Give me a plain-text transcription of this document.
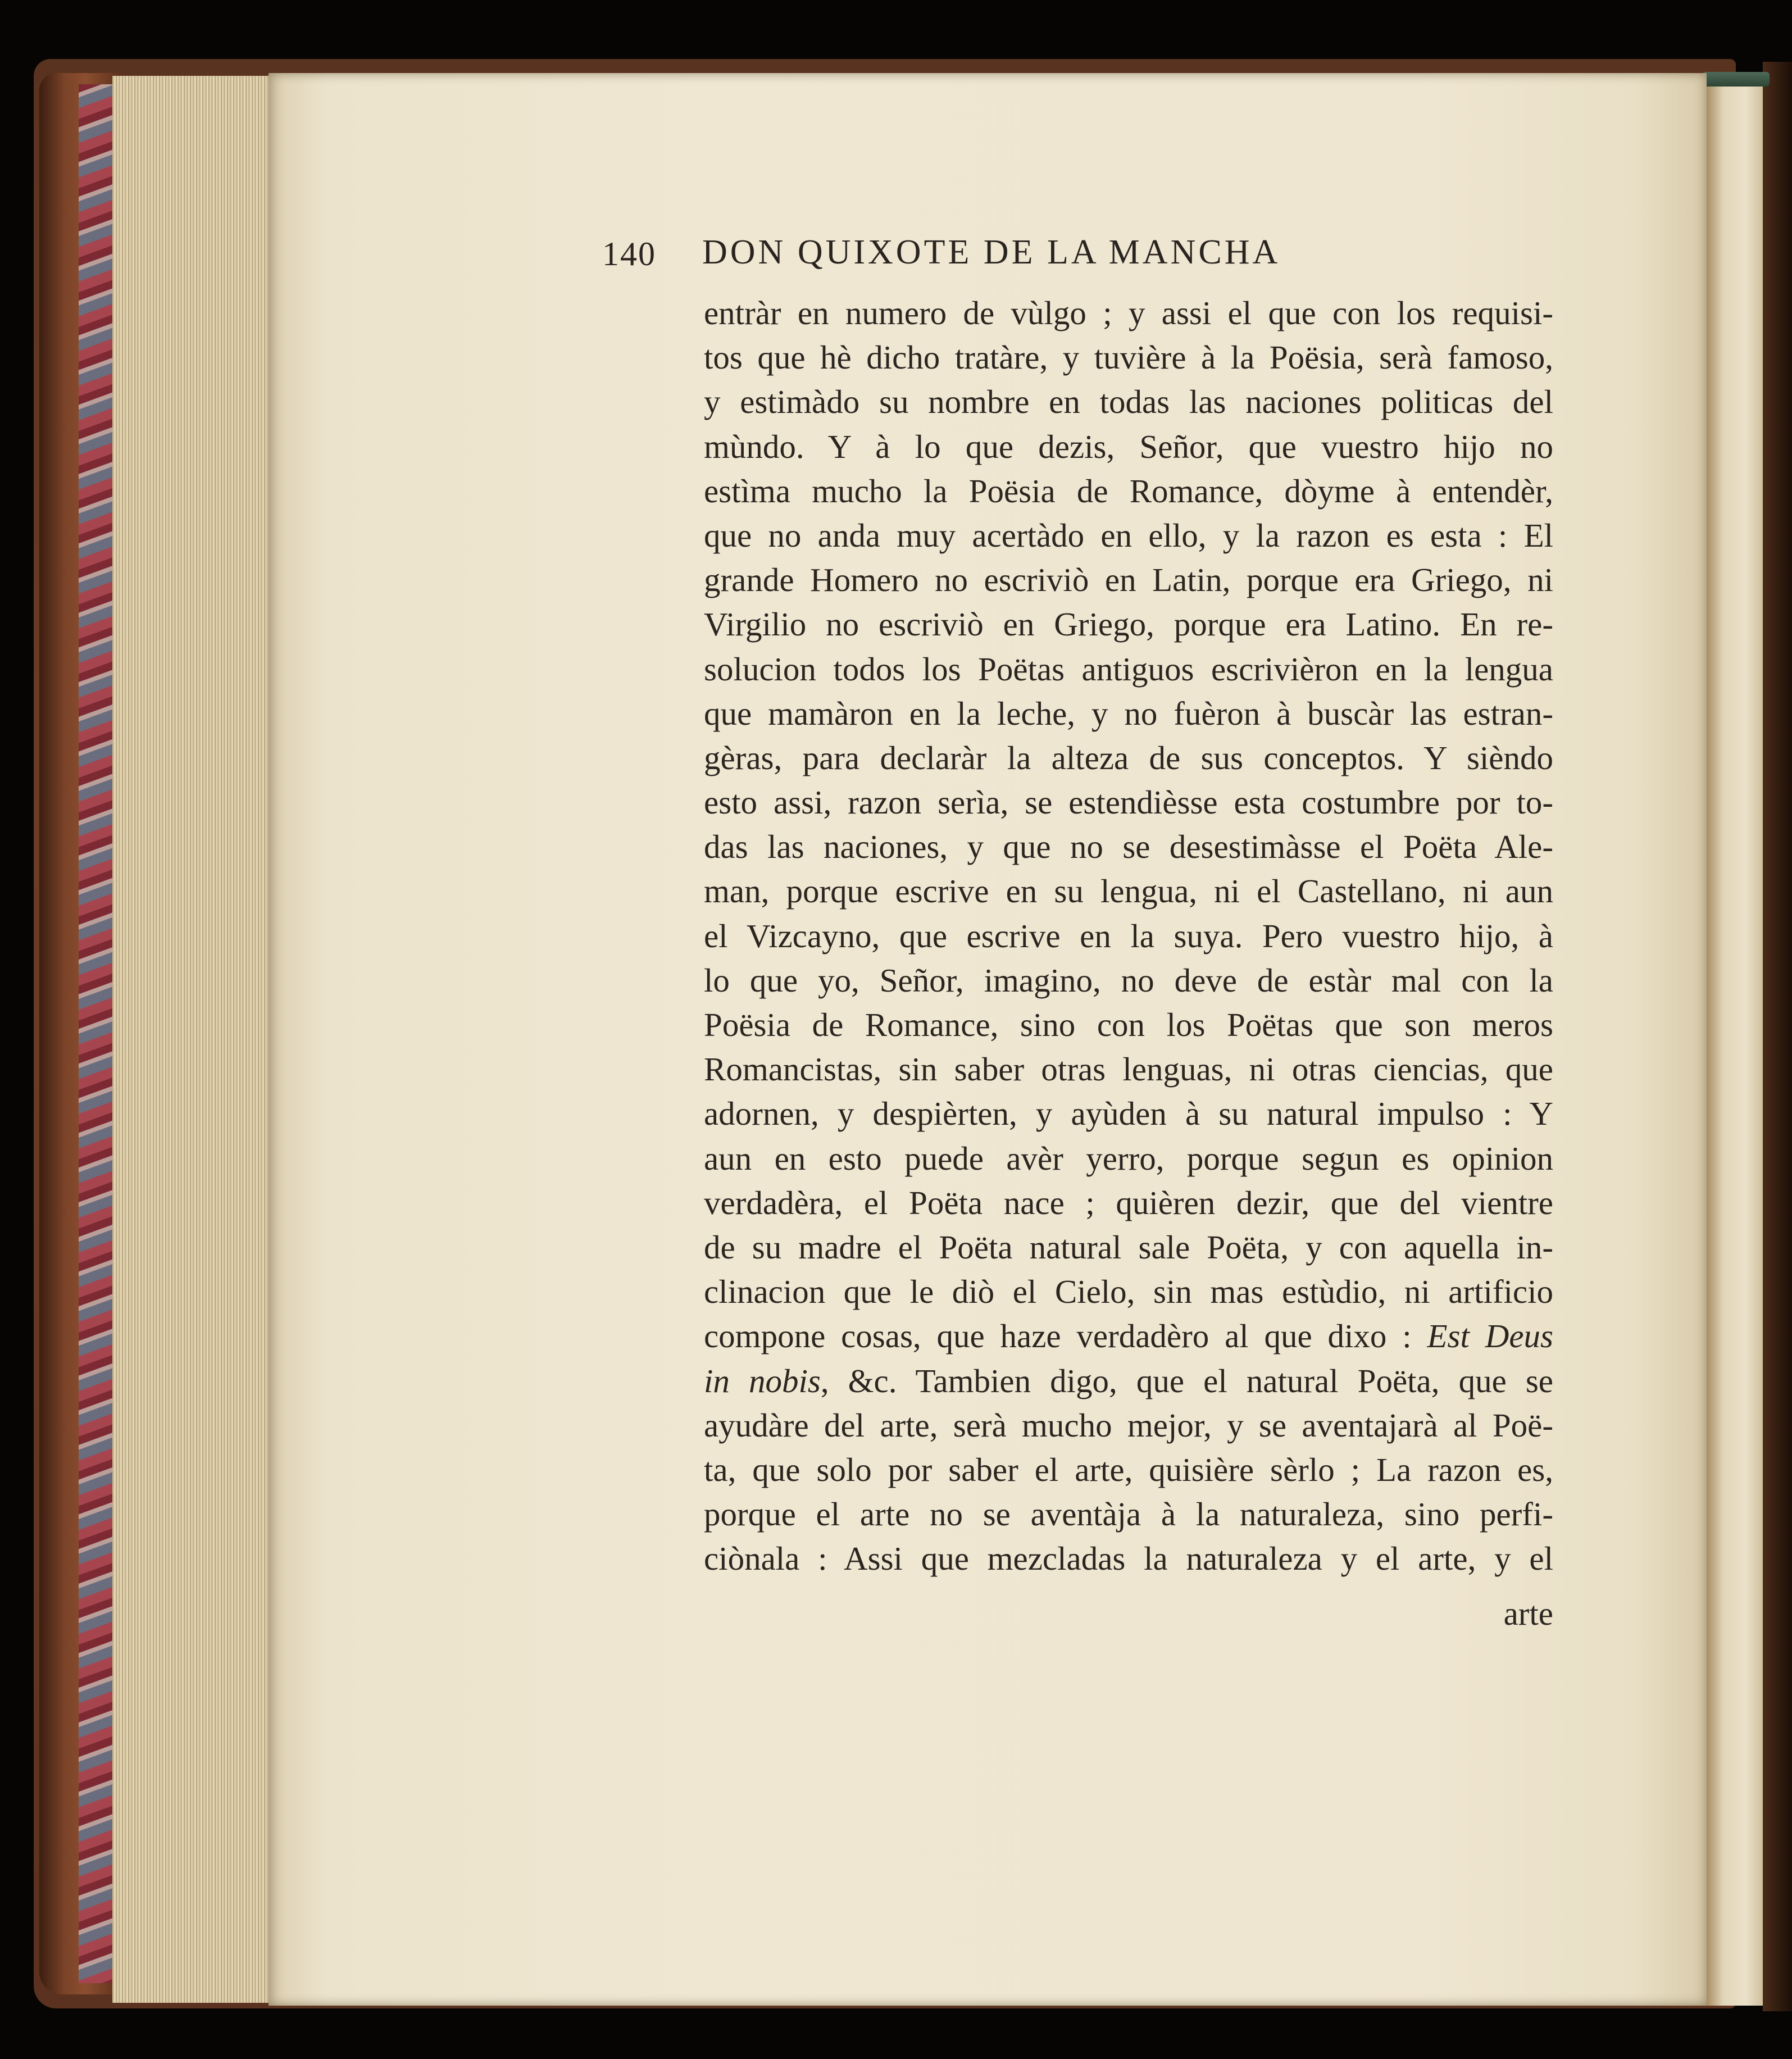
140 DON QUIXOTE DE LA MANCHA
entràr en numero de vùlgo ; y assi el que con los requisi-
tos que hè dicho tratàre, y tuvière à la Poësia, serà famoso,
y estimàdo su nombre en todas las naciones politicas del
mùndo. Y à lo que dezis, Señor, que vuestro hijo no
estìma mucho la Poësia de Romance, dòyme à entendèr,
que no anda muy acertàdo en ello, y la razon es esta : El
grande Homero no escriviò en Latin, porque era Griego, ni
Virgilio no escriviò en Griego, porque era Latino. En re-
solucion todos los Poëtas antiguos escrivièron en la lengua
que mamàron en la leche, y no fuèron à buscàr las estran-
gèras, para declaràr la alteza de sus conceptos. Y sièndo
esto assi, razon serìa, se estendièsse esta costumbre por to-
das las naciones, y que no se desestimàsse el Poëta Ale-
man, porque escrive en su lengua, ni el Castellano, ni aun
el Vizcayno, que escrive en la suya. Pero vuestro hijo, à
lo que yo, Señor, imagino, no deve de estàr mal con la
Poësia de Romance, sino con los Poëtas que son meros
Romancistas, sin saber otras lenguas, ni otras ciencias, que
adornen, y despièrten, y ayùden à su natural impulso : Y
aun en esto puede avèr yerro, porque segun es opinion
verdadèra, el Poëta nace ; quièren dezir, que del vientre
de su madre el Poëta natural sale Poëta, y con aquella in-
clinacion que le diò el Cielo, sin mas estùdio, ni artificio
compone cosas, que haze verdadèro al que dixo : Est Deus
in nobis, &c. Tambien digo, que el natural Poëta, que se
ayudàre del arte, serà mucho mejor, y se aventajarà al Poë-
ta, que solo por saber el arte, quisière sèrlo ; La razon es,
porque el arte no se aventàja à la naturaleza, sino perfi-
ciònala : Assi que mezcladas la naturaleza y el arte, y el
arte
